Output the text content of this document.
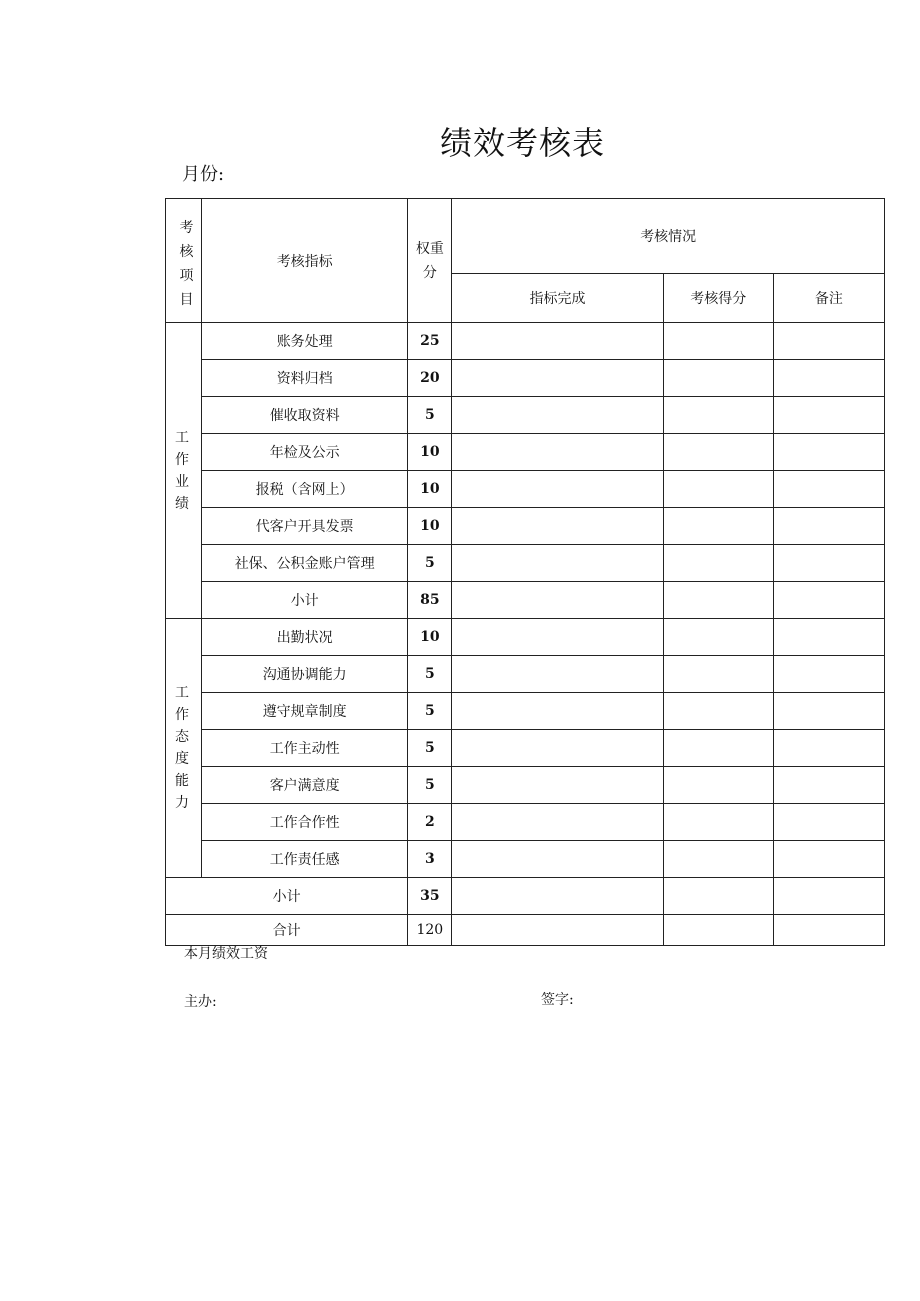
绩效考核表
月份:
考核项目	考核指标	权重分	考核情况		
			指标完成	考核得分	备注
工作业绩	账务处理	25			
	资料归档	20			
	催收取资料	5			
	年检及公示	10			
	报税（含网上）	10			
	代客户开具发票	10			
	社保、公积金账户管理	5			
	小计	85			
工作态度能力	出勤状况	10			
	沟通协调能力	5			
	遵守规章制度	5			
	工作主动性	5			
	客户满意度	5			
	工作合作性	2			
	工作责任感	3			
小计		35			
合计		120			
本月绩效工资
主办:	签字:
